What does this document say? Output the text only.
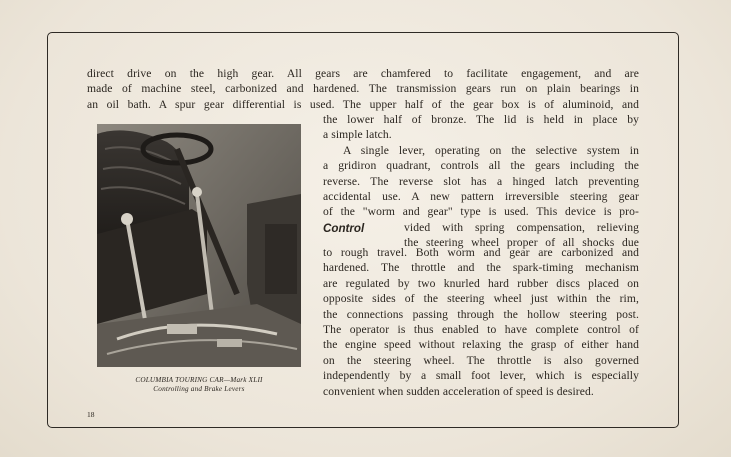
direct drive on the high gear. All gears are chamfered to facilitate engagement, and are
made of machine steel, carbonized and hardened. The transmission gears run on plain bearings in
an oil bath. A spur gear differential is used. The upper half of the gear box is of aluminoid, and
the lower half of bronze. The lid is held in place by
a simple latch.
A single lever, operating on the selective system in
a gridiron quadrant, controls all the gears including the
reverse. The reverse slot has a hinged latch preventing
accidental use. A new pattern irreversible steering gear
of the "worm and gear" type is used. This device is pro-
vided with spring compensation, relieving
the steering wheel proper of all shocks due
Control
to rough travel. Both worm and gear are carbonized and
hardened. The throttle and the spark-timing mechanism
are regulated by two knurled hard rubber discs placed on
opposite sides of the steering wheel just within the rim,
the connections passing through the hollow steering post.
The operator is thus enabled to have complete control of
the engine speed without relaxing the grasp of either hand
on the steering wheel. The throttle is also governed
independently by a small foot lever, which is especially
convenient when sudden acceleration of speed is desired.
COLUMBIA TOURING CAR—Mark XLII
Controlling and Brake Levers
18
